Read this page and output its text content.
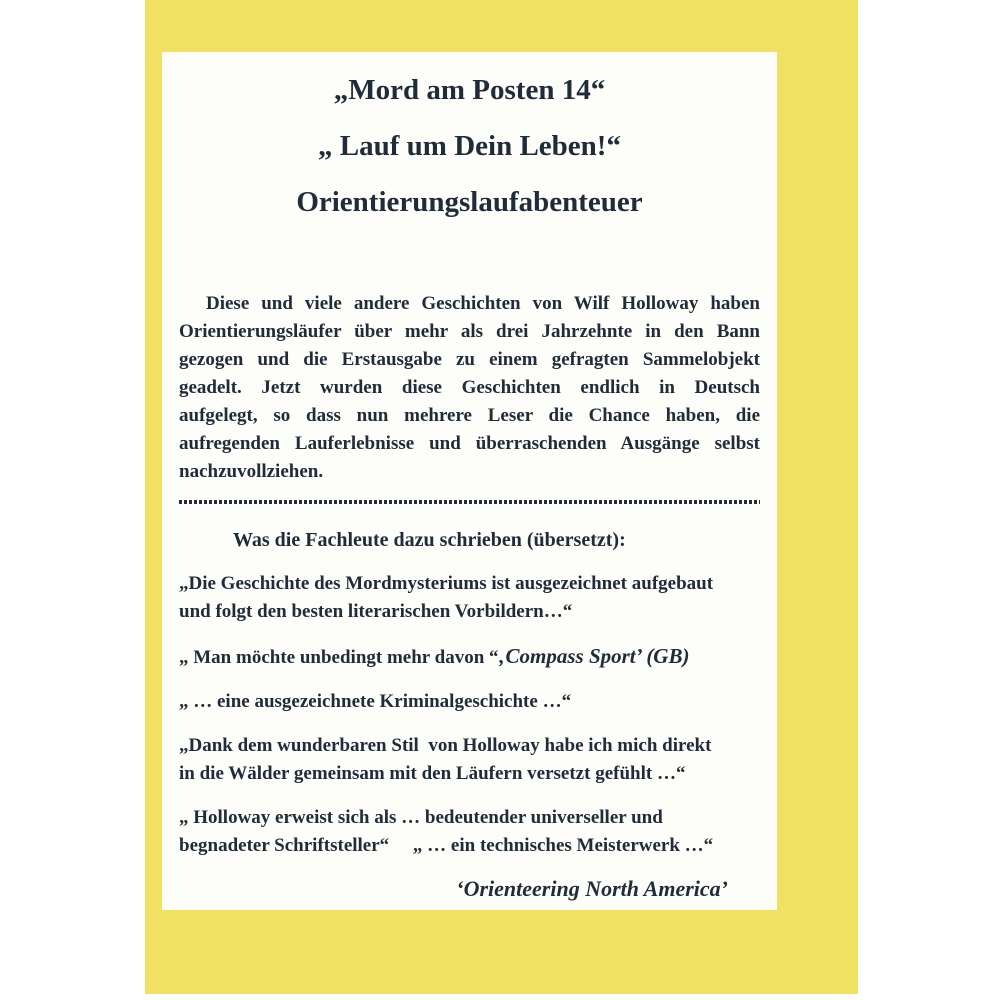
„Mord am Posten 14“
„ Lauf um Dein Leben!“
Orientierungslaufabenteuer
Diese und viele andere Geschichten von Wilf Holloway haben
Orientierungsläufer über mehr als drei Jahrzehnte in den Bann
gezogen und die Erstausgabe zu einem gefragten Sammelobjekt
geadelt. Jetzt wurden diese Geschichten endlich in Deutsch
aufgelegt, so dass nun mehrere Leser die Chance haben, die
aufregenden Lauferlebnisse und überraschenden Ausgänge selbst
nachzuvollziehen.
Was die Fachleute dazu schrieben (übersetzt):
„Die Geschichte des Mordmysteriums ist ausgezeichnet aufgebaut
und folgt den besten literarischen Vorbildern…“
„ Man möchte unbedingt mehr davon “‚Compass Sport’ (GB)
„ … eine ausgezeichnete Kriminalgeschichte …“
„Dank dem wunderbaren Stil  von Holloway habe ich mich direkt
in die Wälder gemeinsam mit den Läufern versetzt gefühlt …“
„ Holloway erweist sich als … bedeutender universeller und
begnadeter Schriftsteller“     „ … ein technisches Meisterwerk …“
‘Orienteering North America’
